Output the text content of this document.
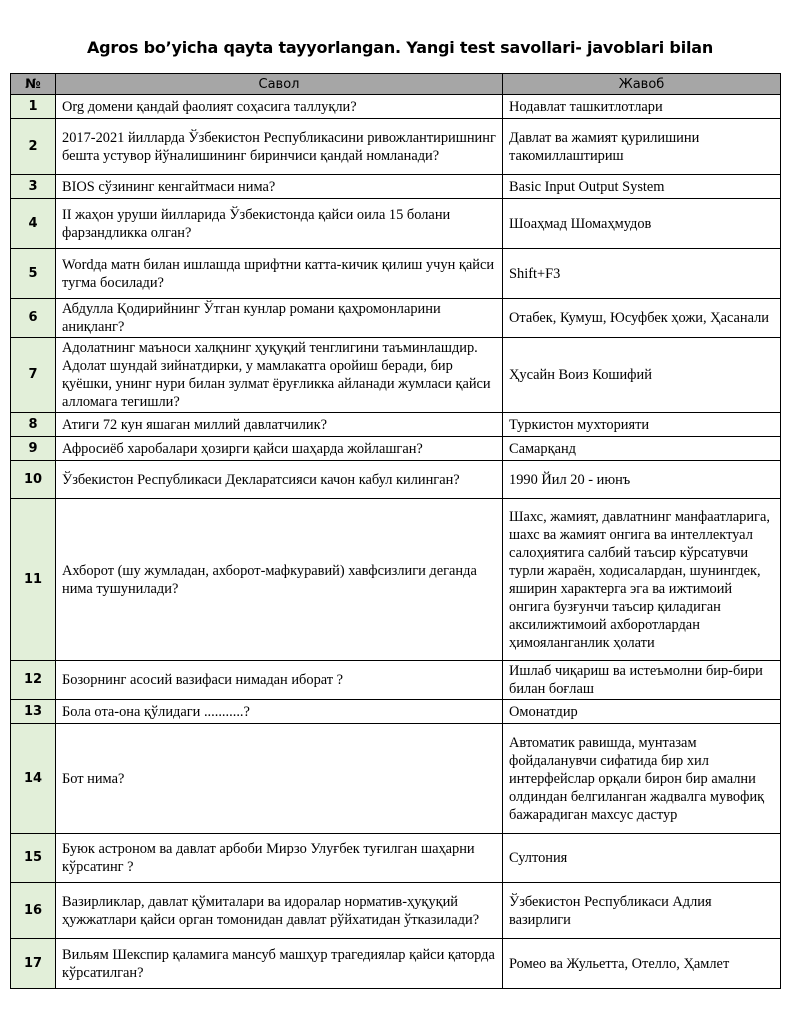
Agros bo’yicha qayta tayyorlangan. Yangi test savollari- javoblari bilan
№	Савол	Жавоб
1	Org домени қандай фаолият соҳасига таллуқли?	Нодавлат ташкитлотлари
2	2017-2021 йилларда Ўзбекистон Республикасини ривожлантиришнинг бешта устувор йўналишининг биринчиси қандай номланади?	Давлат ва жамият қурилишини такомиллаштириш
3	BIOS сўзининг кенгайтмаси нима?	Basic Input Output System
4	II жаҳон уруши йилларида Ўзбекистонда қайси оила 15 болани фарзандликка олган?	Шоаҳмад Шомаҳмудов
5	Wordда матн билан ишлашда шрифтни катта-кичик қилиш учун қайси тугма босилади?	Shift+F3
6	Абдулла Қодирийнинг Ўтган кунлар романи қаҳромонларини аниқланг?	Отабек, Кумуш, Юсуфбек ҳожи, Ҳасанали
7	Адолатнинг маъноси халқнинг ҳуқуқий тенглигини таъминлашдир. Адолат шундай зийнатдирки, у мамлакатга оройиш беради, бир қуёшки, унинг нури билан зулмат ёруғликка айланади жумласи қайси алломага тегишли?	Ҳусайн Воиз Кошифий
8	Атиги 72 кун яшаган миллий давлатчилик?	Туркистон мухторияти
9	Афросиёб харобалари ҳозирги қайси шаҳарда жойлашган?	Самарқанд
10	Ўзбекистон Республикаси Декларатсияси качон кабул килинган?	1990 Йил 20 - июнъ
11	Ахборот (шу жумладан, ахборот-мафкуравий) хавфсизлиги деганда нима тушунилади?	Шахс, жамият, давлатнинг манфаатларига, шахс ва жамият онгига ва интеллектуал салоҳиятига салбий таъсир кўрсатувчи турли жараён, ходисалардан, шунингдек, яширин характерга эга ва ижтимоий онгига бузғунчи таъсир қиладиган аксилижтимоий ахборотлардан ҳимояланганлик ҳолати
12	Бозорнинг асосий вазифаси нимадан иборат ?	Ишлаб чиқариш ва истеъмолни бир-бири билан боғлаш
13	Бола ота-она қўлидаги ...........?	Омонатдир
14	Бот нима?	Автоматик равишда, мунтазам фойдаланувчи сифатида бир хил интерфейслар орқали бирон бир амални олдиндан белгиланган жадвалга мувофиқ бажарадиган махсус дастур
15	Буюк астроном ва давлат арбоби Мирзо Улуғбек туғилган шаҳарни кўрсатинг ?	Султония
16	Вазирликлар, давлат қўмиталари ва идоралар норматив-ҳуқуқий ҳужжатлари қайси орган томонидан давлат рўйхатидан ўтказилади?	Ўзбекистон Республикаси Адлия вазирлиги
17	Вильям Шекспир қаламига мансуб машҳур трагедиялар қайси қаторда кўрсатилган?	Ромео ва Жульетта, Отелло, Ҳамлет
